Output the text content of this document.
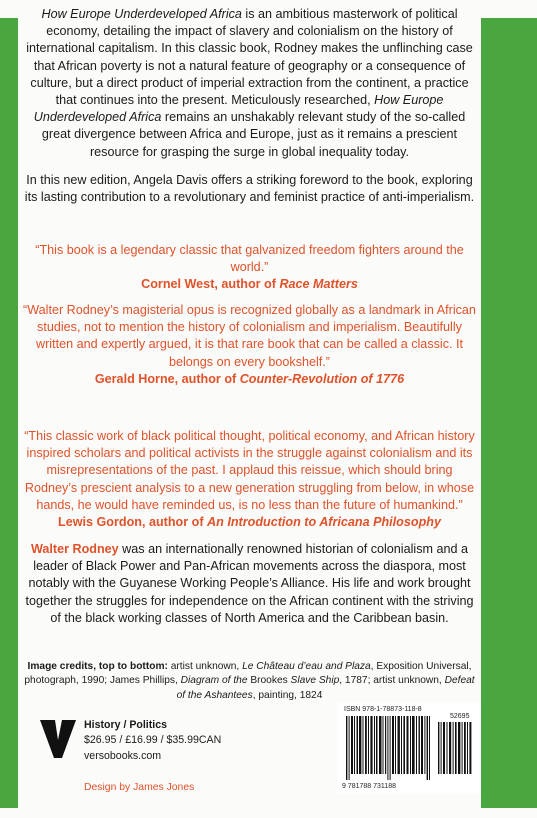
How Europe Underdeveloped Africa is an ambitious masterwork of political economy, detailing the impact of slavery and colonialism on the history of international capitalism. In this classic book, Rodney makes the unflinching case that African poverty is not a natural feature of geography or a consequence of culture, but a direct product of imperial extraction from the continent, a practice that continues into the present. Meticulously researched, How Europe Underdeveloped Africa remains an unshakably relevant study of the so-called great divergence between Africa and Europe, just as it remains a prescient resource for grasping the surge in global inequality today.

In this new edition, Angela Davis offers a striking foreword to the book, exploring its lasting contribution to a revolutionary and feminist practice of anti-imperialism.

“This book is a legendary classic that galvanized freedom fighters around the world.”
Cornel West, author of Race Matters

“Walter Rodney’s magisterial opus is recognized globally as a landmark in African studies, not to mention the history of colonialism and imperialism. Beautifully written and expertly argued, it is that rare book that can be called a classic. It belongs on every bookshelf.”
Gerald Horne, author of Counter-Revolution of 1776

“This classic work of black political thought, political economy, and African history inspired scholars and political activists in the struggle against colonialism and its misrepresentations of the past. I applaud this reissue, which should bring Rodney’s prescient analysis to a new generation struggling from below, in whose hands, he would have reminded us, is no less than the future of humankind.”
Lewis Gordon, author of An Introduction to Africana Philosophy

Walter Rodney was an internationally renowned historian of colonialism and a leader of Black Power and Pan-African movements across the diaspora, most notably with the Guyanese Working People’s Alliance. His life and work brought together the struggles for independence on the African continent with the striving of the black working classes of North America and the Caribbean basin.

Image credits, top to bottom: artist unknown, Le Château d’eau and Plaza, Exposition Universal, photograph, 1990; James Phillips, Diagram of the Brookes Slave Ship, 1787; artist unknown, Defeat of the Ashantees, painting, 1824

History / Politics
$26.95 / £16.99 / $35.99CAN
versobooks.com
Design by James Jones
ISBN 978-1-78873-118-8
52695
9 781788 731188
